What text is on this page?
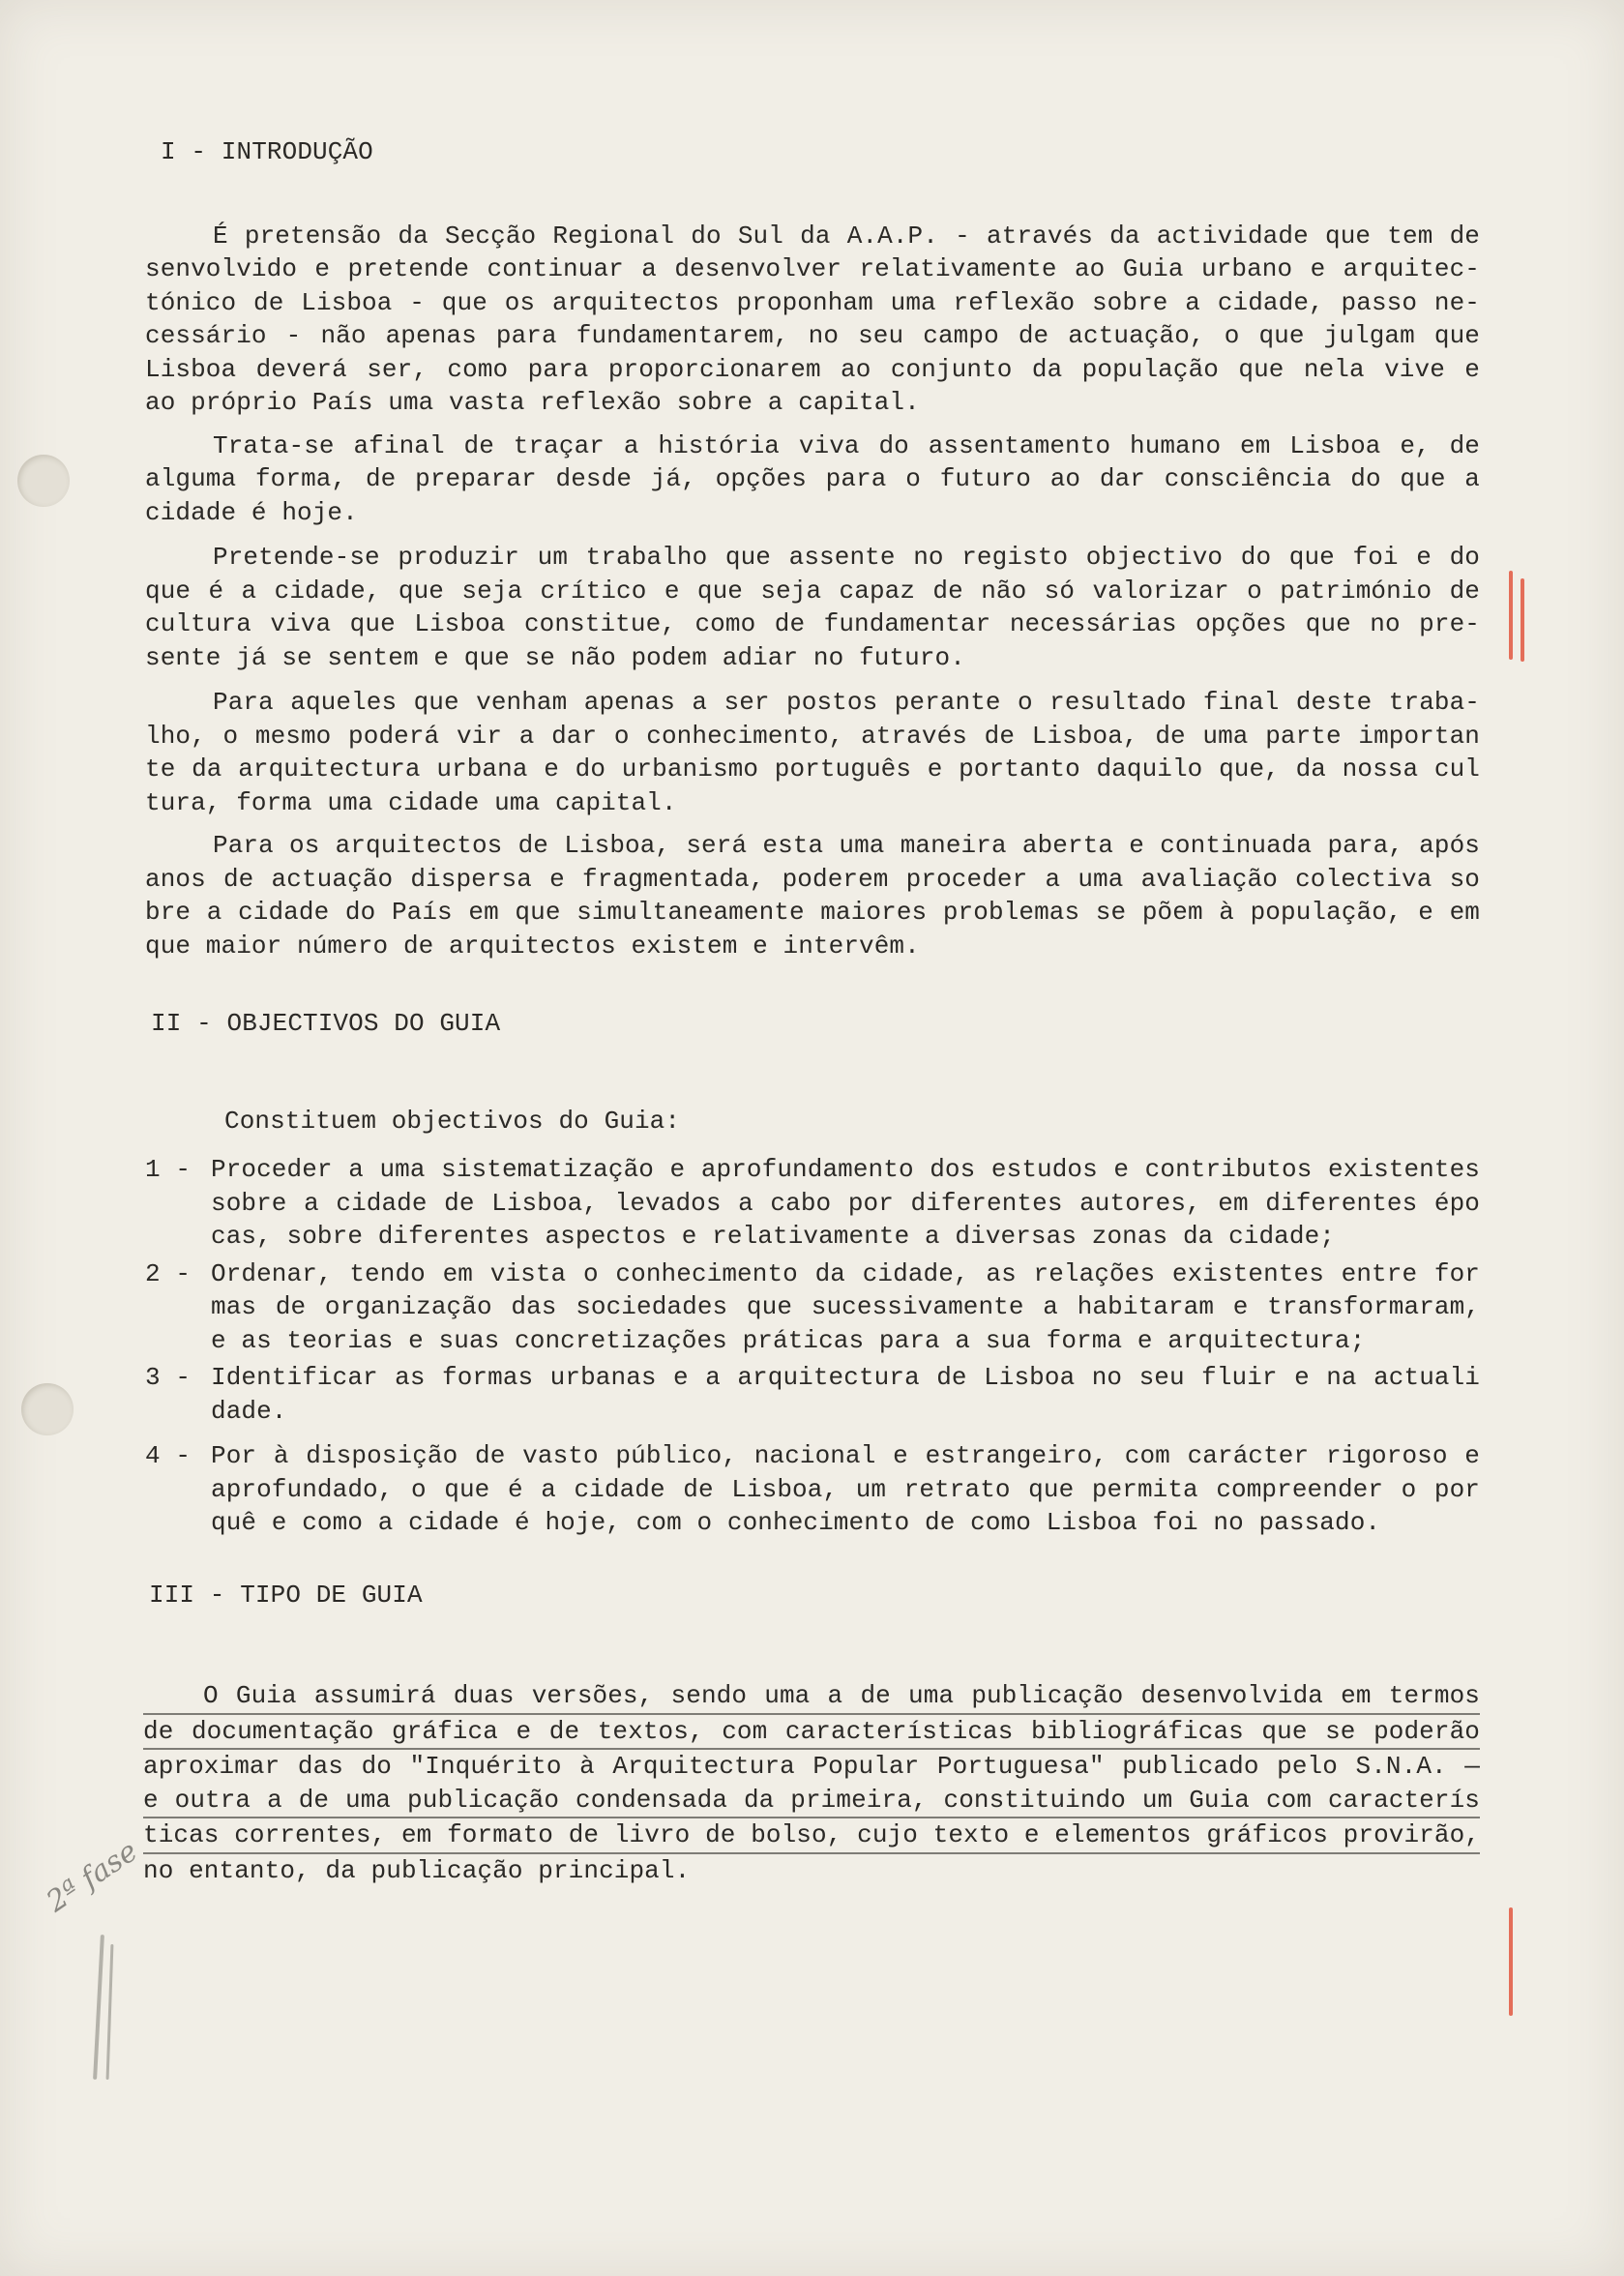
2ª fase
I - INTRODUÇÃO
É pretensão da Secção Regional do Sul da A.A.P. - através da actividade que tem de
senvolvido e pretende continuar a desenvolver relativamente ao Guia urbano e arquitec-
tónico de Lisboa - que os arquitectos proponham uma reflexão sobre a cidade, passo ne-
cessário - não apenas para fundamentarem, no seu campo de actuação, o que julgam que
Lisboa deverá ser, como para proporcionarem ao conjunto da população que nela vive e
ao próprio País uma vasta reflexão sobre a capital.
Trata-se afinal de traçar a história viva do assentamento humano em Lisboa e, de
alguma forma, de preparar desde já, opções para o futuro ao dar consciência do que a
cidade é hoje.
Pretende-se produzir um trabalho que assente no registo objectivo do que foi e do
que é a cidade, que seja crítico e que seja capaz de não só valorizar o património de
cultura viva que Lisboa constitue, como de fundamentar necessárias opções que no pre-
sente já se sentem e que se não podem adiar no futuro.
Para aqueles que venham apenas a ser postos perante o resultado final deste traba-
lho, o mesmo poderá vir a dar o conhecimento, através de Lisboa, de uma parte importan
te da arquitectura urbana e do urbanismo português e portanto daquilo que, da nossa cul
tura, forma uma cidade uma capital.
Para os arquitectos de Lisboa, será esta uma maneira aberta e continuada para, após
anos de actuação dispersa e fragmentada, poderem proceder a uma avaliação colectiva so
bre a cidade do País em que simultaneamente maiores problemas se põem à população, e em
que maior número de arquitectos existem e intervêm.
II - OBJECTIVOS DO GUIA
Constituem objectivos do Guia:
1 - Proceder a uma sistematização e aprofundamento dos estudos e contributos existentes
sobre a cidade de Lisboa, levados a cabo por diferentes autores, em diferentes épo
cas, sobre diferentes aspectos e relativamente a diversas zonas da cidade;
2 - Ordenar, tendo em vista o conhecimento da cidade, as relações existentes entre for
mas de organização das sociedades que sucessivamente a habitaram e transformaram,
e as teorias e suas concretizações práticas para a sua forma e arquitectura;
3 - Identificar as formas urbanas e a arquitectura de Lisboa no seu fluir e na actuali
dade.
4 - Por à disposição de vasto público, nacional e estrangeiro, com carácter rigoroso e
aprofundado, o que é a cidade de Lisboa, um retrato que permita compreender o por
quê e como a cidade é hoje, com o conhecimento de como Lisboa foi no passado.
III - TIPO DE GUIA
O Guia assumirá duas versões, sendo uma a de uma publicação desenvolvida em termos
de documentação gráfica e de textos, com características bibliográficas que se poderão
aproximar das do "Inquérito à Arquitectura Popular Portuguesa" publicado pelo S.N.A. —
e outra a de uma publicação condensada da primeira, constituindo um Guia com caracterís
ticas correntes, em formato de livro de bolso, cujo texto e elementos gráficos provirão,
no entanto, da publicação principal.
